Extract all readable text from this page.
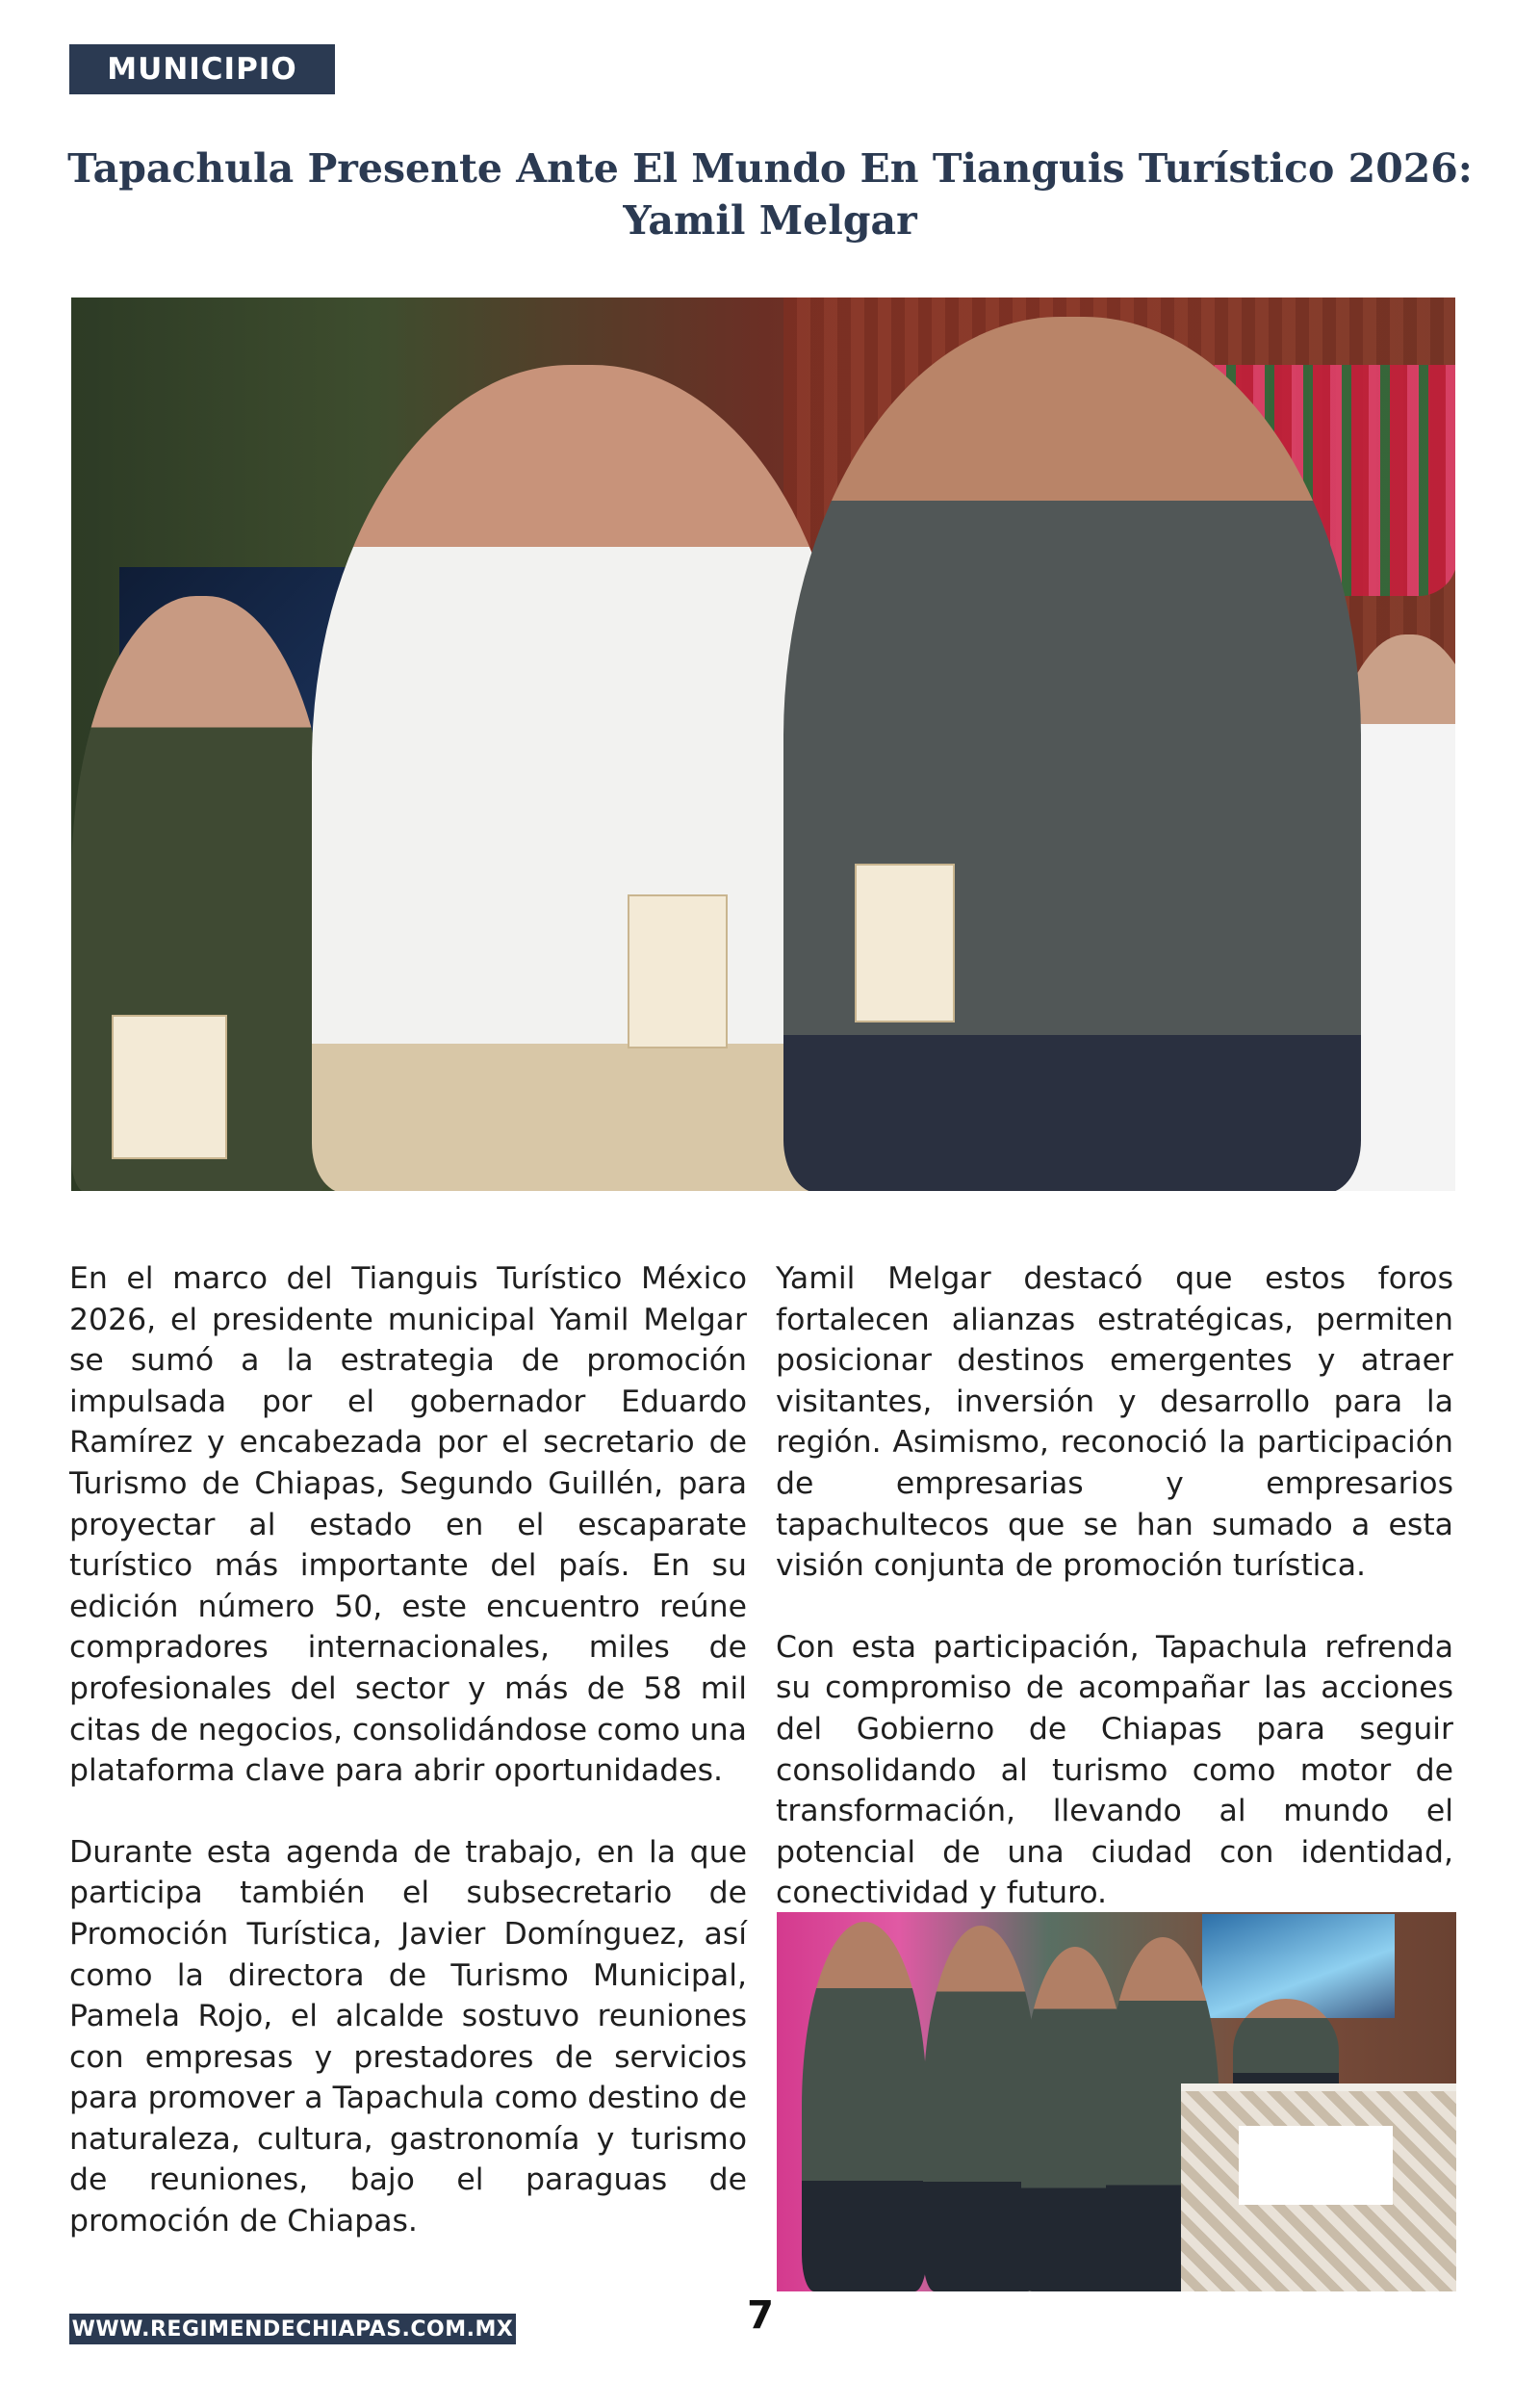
MUNICIPIO
Tapachula Presente Ante El Mundo En Tianguis Turístico 2026:
Yamil Melgar

En el marco del Tianguis Turístico México 2026, el presidente municipal Yamil Melgar se sumó a la estrategia de promoción impulsada por el gobernador Eduardo Ramírez y encabezada por el secretario de Turismo de Chiapas, Segundo Guillén, para proyectar al estado en el escaparate turístico más importante del país. En su edición número 50, este encuentro reúne compradores internacionales, miles de profesionales del sector y más de 58 mil citas de negocios, consolidándose como una plataforma clave para abrir oportunidades.

Durante esta agenda de trabajo, en la que participa también el subsecretario de Promoción Turística, Javier Domínguez, así como la directora de Turismo Municipal, Pamela Rojo, el alcalde sostuvo reuniones con empresas y prestadores de servicios para promover a Tapachula como destino de naturaleza, cultura, gastronomía y turismo de reuniones, bajo el paraguas de promoción de Chiapas.

Yamil Melgar destacó que estos foros fortalecen alianzas estratégicas, permiten posicionar destinos emergentes y atraer visitantes, inversión y desarrollo para la región. Asimismo, reconoció la participación de empresarias y empresarios tapachultecos que se han sumado a esta visión conjunta de promoción turística.

Con esta participación, Tapachula refrenda su compromiso de acompañar las acciones del Gobierno de Chiapas para seguir consolidando al turismo como motor de transformación, llevando al mundo el potencial de una ciudad con identidad, conectividad y futuro.

WWW.REGIMENDECHIAPAS.COM.MX	7
